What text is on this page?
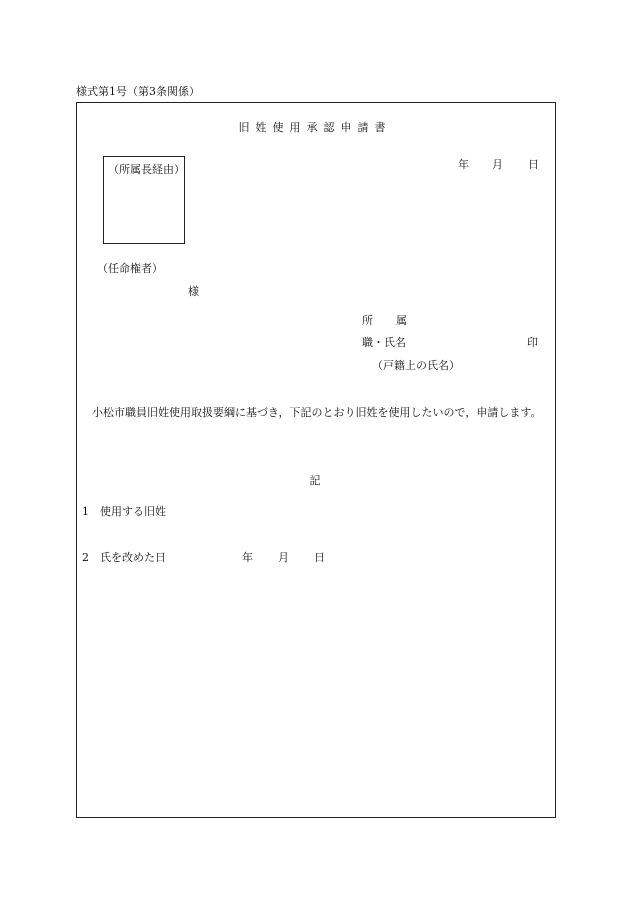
様式第1号（第3条関係）
旧姓使用承認申請書
年 月 日
（所属長経由）
（任命権者）
様
所 属
職・氏名	印
（戸籍上の氏名）
小松市職員旧姓使用取扱要綱に基づき，下記のとおり旧姓を使用したいので，申請します。
記
1  使用する旧姓
2  氏を改めた日	年 月 日
